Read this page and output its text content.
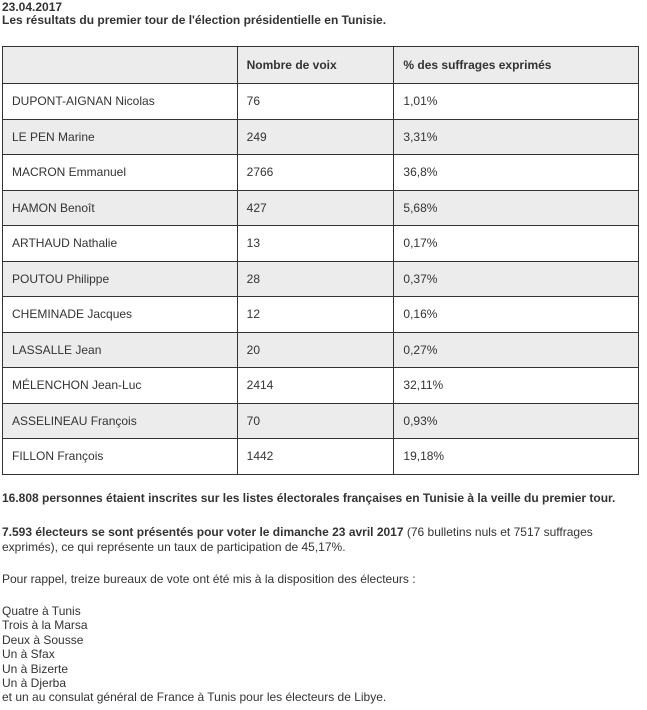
23.04.2017
Les résultats du premier tour de l'élection présidentielle en Tunisie.
	Nombre de voix	% des suffrages exprimés
DUPONT-AIGNAN Nicolas	76	1,01%
LE PEN Marine	249	3,31%
MACRON Emmanuel	2766	36,8%
HAMON Benoît	427	5,68%
ARTHAUD Nathalie	13	0,17%
POUTOU Philippe	28	0,37%
CHEMINADE Jacques	12	0,16%
LASSALLE Jean	20	0,27%
MÉLENCHON Jean-Luc	2414	32,11%
ASSELINEAU François	70	0,93%
FILLON François	1442	19,18%
16.808 personnes étaient inscrites sur les listes électorales françaises en Tunisie à la veille du premier tour.
7.593 électeurs se sont présentés pour voter le dimanche 23 avril 2017 (76 bulletins nuls et 7517 suffrages exprimés), ce qui représente un taux de participation de 45,17%.
Pour rappel, treize bureaux de vote ont été mis à la disposition des électeurs :
Quatre à Tunis
Trois à la Marsa
Deux à Sousse
Un à Sfax
Un à Bizerte
Un à Djerba
et un au consulat général de France à Tunis pour les électeurs de Libye.
